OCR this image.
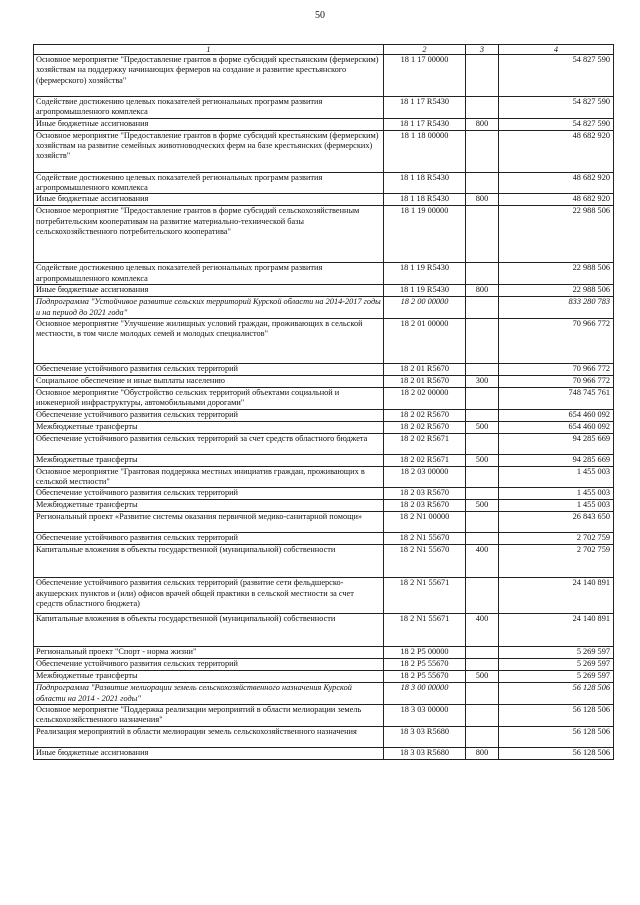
50
1	2	3	4
Основное мероприятие "Предоставление грантов в форме субсидий крестьянским (фермерским) хозяйствам на поддержку начинающих фермеров на создание и развитие крестьянского (фермерского) хозяйства"	18 1 17 00000		54 827 590
Содействие достижению целевых показателей региональных программ развития агропромышленного комплекса	18 1 17 R5430		54 827 590
Иные бюджетные ассигнования	18 1 17 R5430	800	54 827 590
Основное мероприятие "Предоставление грантов в форме субсидий крестьянским (фермерским) хозяйствам на развитие семейных животноводческих ферм на базе крестьянских (фермерских) хозяйств"	18 1 18 00000		48 682 920
Содействие достижению целевых показателей региональных программ развития агропромышленного комплекса	18 1 18 R5430		48 682 920
Иные бюджетные ассигнования	18 1 18 R5430	800	48 682 920
Основное мероприятие "Предоставление грантов в форме субсидий сельскохозяйственным потребительским кооперативам на развитие материально-технической базы сельскохозяйственного потребительского кооператива"	18 1 19 00000		22 988 506
Содействие достижению целевых показателей региональных программ развития агропромышленного комплекса	18 1 19 R5430		22 988 506
Иные бюджетные ассигнования	18 1 19 R5430	800	22 988 506
Подпрограмма "Устойчивое развитие сельских территорий Курской области на 2014-2017 годы и на период до 2021 года"	18 2 00 00000		833 280 783
Основное мероприятие "Улучшение жилищных условий граждан, проживающих в сельской местности, в том числе молодых семей и молодых специалистов"	18 2 01 00000		70 966 772
Обеспечение устойчивого развития сельских территорий	18 2 01 R5670		70 966 772
Социальное обеспечение и иные выплаты населению	18 2 01 R5670	300	70 966 772
Основное мероприятие "Обустройство сельских территорий объектами социальной и инженерной инфраструктуры, автомобильными дорогами"	18 2 02 00000		748 745 761
Обеспечение устойчивого развития сельских территорий	18 2 02 R5670		654 460 092
Межбюджетные трансферты	18 2 02 R5670	500	654 460 092
Обеспечение устойчивого развития сельских территорий за счет средств областного бюджета	18 2 02 R5671		94 285 669
Межбюджетные трансферты	18 2 02 R5671	500	94 285 669
Основное мероприятие "Грантовая поддержка местных инициатив граждан, проживающих в сельской местности"	18 2 03 00000		1 455 003
Обеспечение устойчивого развития сельских территорий	18 2 03 R5670		1 455 003
Межбюджетные трансферты	18 2 03 R5670	500	1 455 003
Региональный проект «Развитие системы оказания первичной медико-санитарной помощи»	18 2 N1 00000		26 843 650
Обеспечение устойчивого развития сельских территорий	18 2 N1 55670		2 702 759
Капитальные вложения в объекты государственной (муниципальной) собственности	18 2 N1 55670	400	2 702 759
Обеспечение устойчивого развития сельских территорий (развитие сети фельдшерско-акушерских пунктов и (или) офисов врачей общей практики в сельской местности за счет средств областного бюджета)	18 2 N1 55671		24 140 891
Капитальные вложения в объекты государственной (муниципальной) собственности	18 2 N1 55671	400	24 140 891
Региональный проект "Спорт - норма жизни"	18 2 P5 00000		5 269 597
Обеспечение устойчивого развития сельских территорий	18 2 P5 55670		5 269 597
Межбюджетные трансферты	18 2 P5 55670	500	5 269 597
Подпрограмма "Развитие мелиорации земель сельскохозяйственного назначения Курской области на 2014 - 2021 годы"	18 3 00 00000		56 128 506
Основное мероприятие "Поддержка реализации мероприятий в области мелиорации земель сельскохозяйственного назначения"	18 3 03 00000		56 128 506
Реализация мероприятий в области мелиорации земель сельскохозяйственного назначения	18 3 03 R5680		56 128 506
Иные бюджетные ассигнования	18 3 03 R5680	800	56 128 506
